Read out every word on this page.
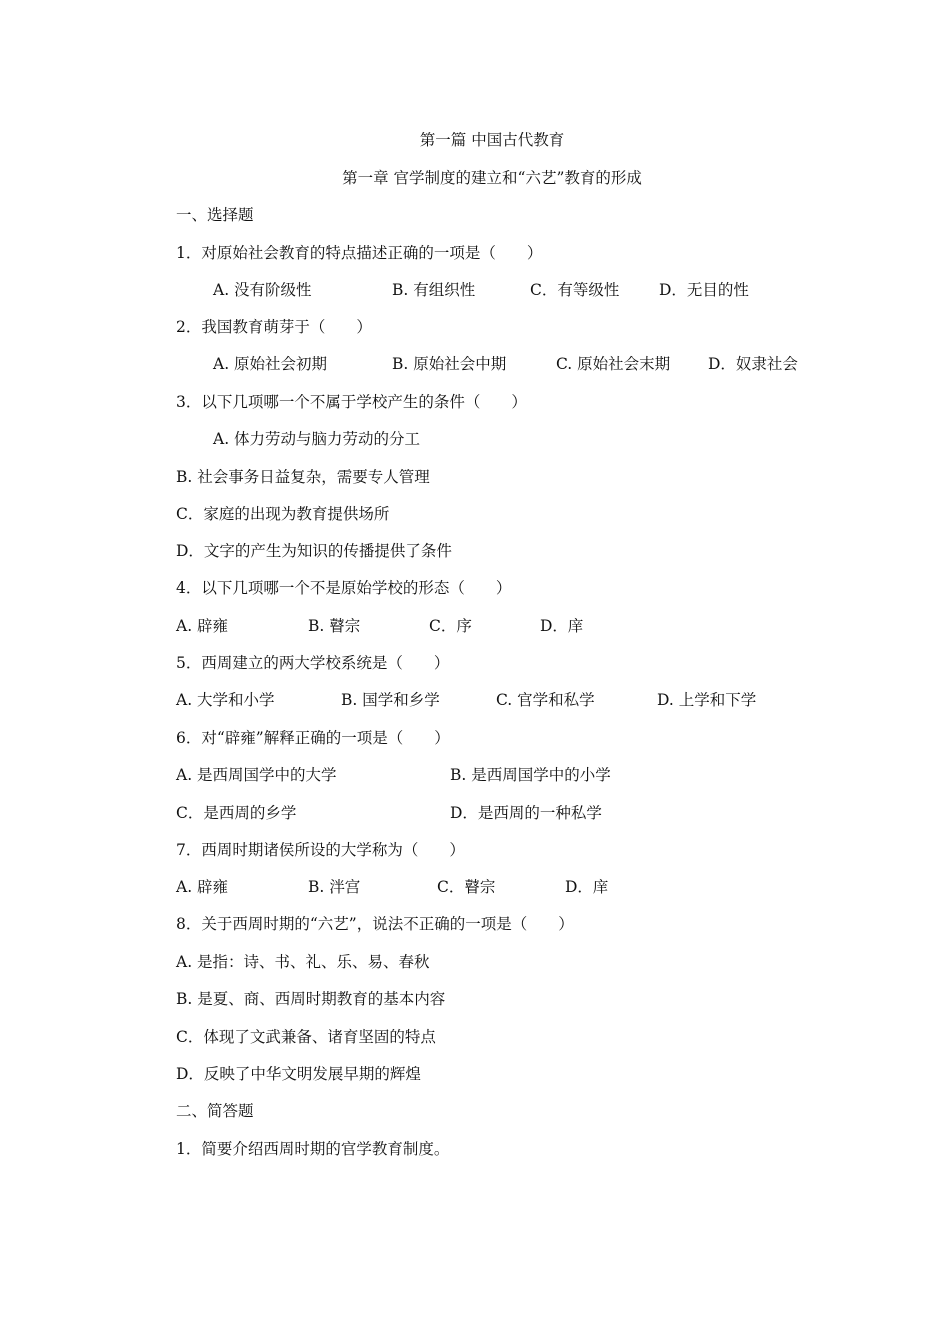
第一篇 中国古代教育
第一章 官学制度的建立和“六艺”教育的形成
一、选择题
1．对原始社会教育的特点描述正确的一项是（　　）
A. 没有阶级性	B. 有组织性	C．有等级性	D．无目的性
2．我国教育萌芽于（　　）
A. 原始社会初期	B. 原始社会中期	C. 原始社会末期 D．奴隶社会
3．以下几项哪一个不属于学校产生的条件（　　）
A. 体力劳动与脑力劳动的分工
B. 社会事务日益复杂，需要专人管理
C．家庭的出现为教育提供场所
D．文字的产生为知识的传播提供了条件
4．以下几项哪一个不是原始学校的形态（　　）
A. 辟雍	B. 瞽宗	C．序	D．庠
5．西周建立的两大学校系统是（　　）
A. 大学和小学	B. 国学和乡学	C. 官学和私学	D. 上学和下学
6．对“辟雍”解释正确的一项是（　　）
A. 是西周国学中的大学	B. 是西周国学中的小学
C．是西周的乡学	D．是西周的一种私学
7．西周时期诸侯所设的大学称为（　　）
A. 辟雍	B. 泮宫	C．瞽宗	D．庠
8．关于西周时期的“六艺”，说法不正确的一项是（　　）
A. 是指：诗、书、礼、乐、易、春秋
B. 是夏、商、西周时期教育的基本内容
C．体现了文武兼备、诸育坚固的特点
D．反映了中华文明发展早期的辉煌
二、简答题
1．简要介绍西周时期的官学教育制度。
